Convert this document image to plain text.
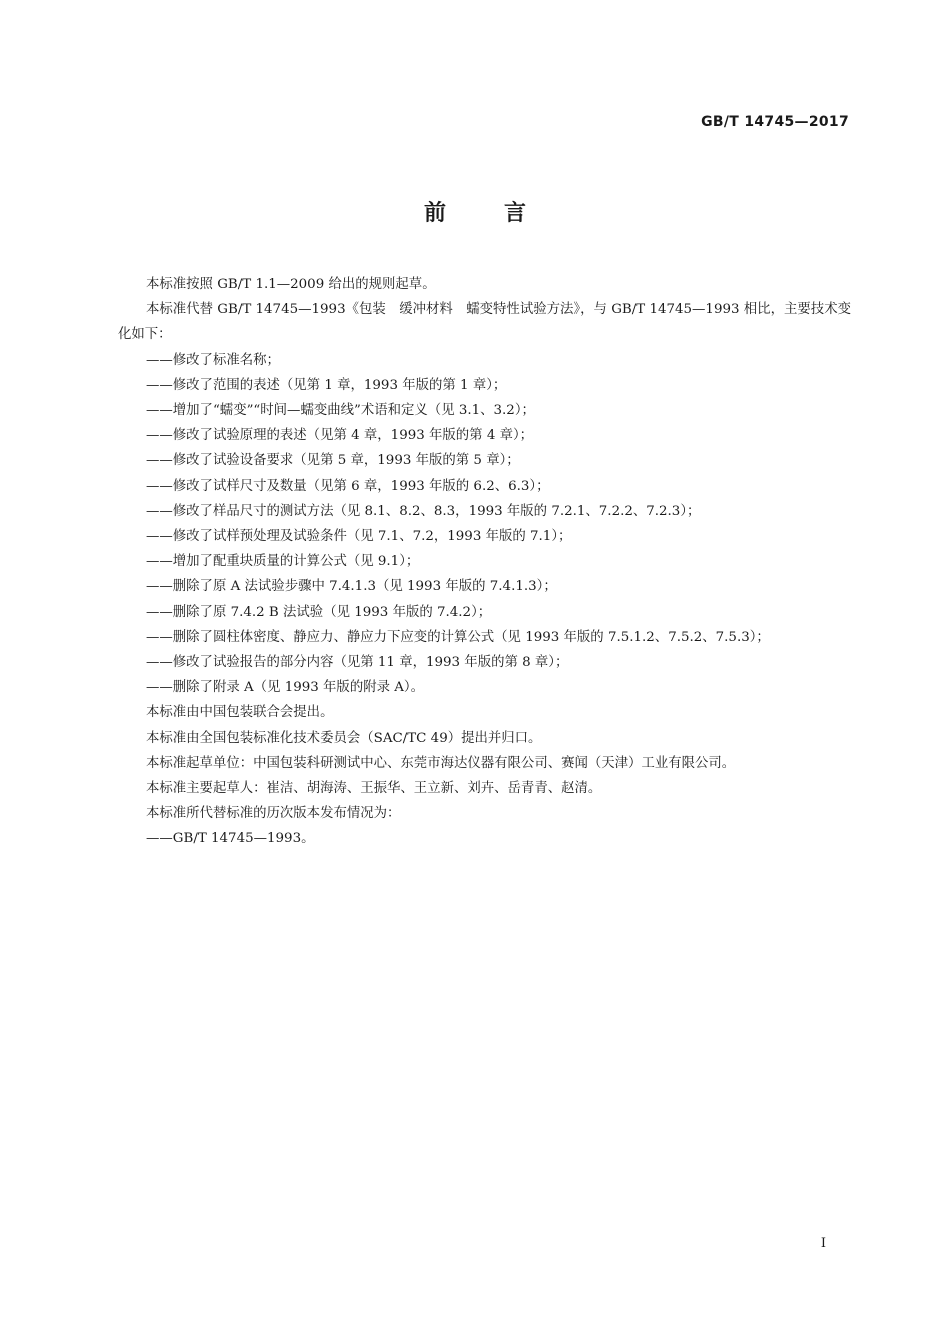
GB/T 14745—2017
前言

本标准按照 GB/T 1.1—2009 给出的规则起草。

本标准代替 GB/T 14745—1993《包装　缓冲材料　蠕变特性试验方法》，与 GB/T 14745—1993 相比，主要技术变化如下：

——修改了标准名称；

——修改了范围的表述（见第 1 章，1993 年版的第 1 章）；

——增加了“蠕变”“时间—蠕变曲线”术语和定义（见 3.1、3.2）；

——修改了试验原理的表述（见第 4 章，1993 年版的第 4 章）；

——修改了试验设备要求（见第 5 章，1993 年版的第 5 章）；

——修改了试样尺寸及数量（见第 6 章，1993 年版的 6.2、6.3）；

——修改了样品尺寸的测试方法（见 8.1、8.2、8.3，1993 年版的 7.2.1、7.2.2、7.2.3）；

——修改了试样预处理及试验条件（见 7.1、7.2，1993 年版的 7.1）；

——增加了配重块质量的计算公式（见 9.1）；

——删除了原 A 法试验步骤中 7.4.1.3（见 1993 年版的 7.4.1.3）；

——删除了原 7.4.2 B 法试验（见 1993 年版的 7.4.2）；

——删除了圆柱体密度、静应力、静应力下应变的计算公式（见 1993 年版的 7.5.1.2、7.5.2、7.5.3）；

——修改了试验报告的部分内容（见第 11 章，1993 年版的第 8 章）；

——删除了附录 A（见 1993 年版的附录 A）。

本标准由中国包装联合会提出。

本标准由全国包装标准化技术委员会（SAC/TC 49）提出并归口。

本标准起草单位：中国包装科研测试中心、东莞市海达仪器有限公司、赛闻（天津）工业有限公司。

本标准主要起草人：崔洁、胡海涛、王振华、王立新、刘卉、岳青青、赵清。

本标准所代替标准的历次版本发布情况为：

——GB/T 14745—1993。

I
